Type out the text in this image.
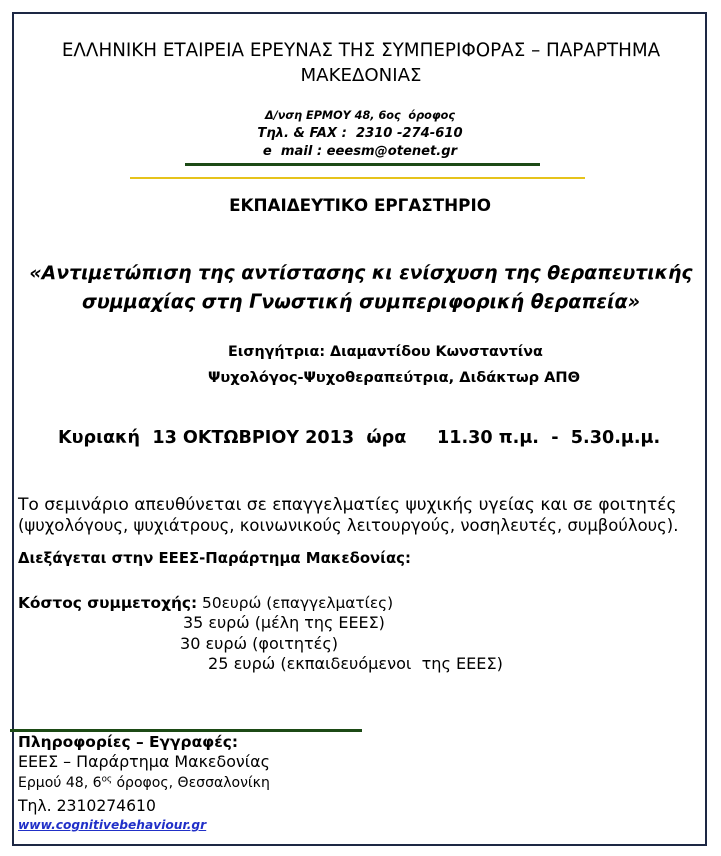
ΕΛΛΗΝΙΚΗ ΕΤΑΙΡΕΙΑ ΕΡΕΥΝΑΣ ΤΗΣ ΣΥΜΠΕΡΙΦΟΡΑΣ – ΠΑΡΑΡΤΗΜΑ
ΜΑΚΕΔΟΝΙΑΣ
Δ/νση ΕΡΜΟΥ 48, 6ος  όροφος
Τηλ. & FAX :  2310 -274-610
e  mail : eeesm@otenet.gr
ΕΚΠΑΙΔΕΥΤΙΚΟ ΕΡΓΑΣΤΗΡΙΟ
«Αντιμετώπιση της αντίστασης κι ενίσχυση της θεραπευτικής
συμμαχίας στη Γνωστική συμπεριφορική θεραπεία»
Εισηγήτρια: Διαμαντίδου Κωνσταντίνα
Ψυχολόγος-Ψυχοθεραπεύτρια, Διδάκτωρ ΑΠΘ
Κυριακή  13 ΟΚΤΩΒΡΙΟΥ 2013  ώρα     11.30 π.μ.  -  5.30.μ.μ.
Το σεμινάριο απευθύνεται σε επαγγελματίες ψυχικής υγείας και σε φοιτητές
(ψυχολόγους, ψυχιάτρους, κοινωνικούς λειτουργούς, νοσηλευτές, συμβούλους).
Διεξάγεται στην ΕΕΕΣ-Παράρτημα Μακεδονίας:
Κόστος συμμετοχής: 50ευρώ (επαγγελματίες)
35 ευρώ (μέλη της ΕΕΕΣ)
30 ευρώ (φοιτητές)
25 ευρώ (εκπαιδευόμενοι  της ΕΕΕΣ)
Πληροφορίες – Εγγραφές:
ΕΕΕΣ – Παράρτημα Μακεδονίας
Ερμού 48, $6^{o\varsigma}$ όροφος, Θεσσαλονίκη
Τηλ. 2310274610
www.cognitivebehaviour.gr
